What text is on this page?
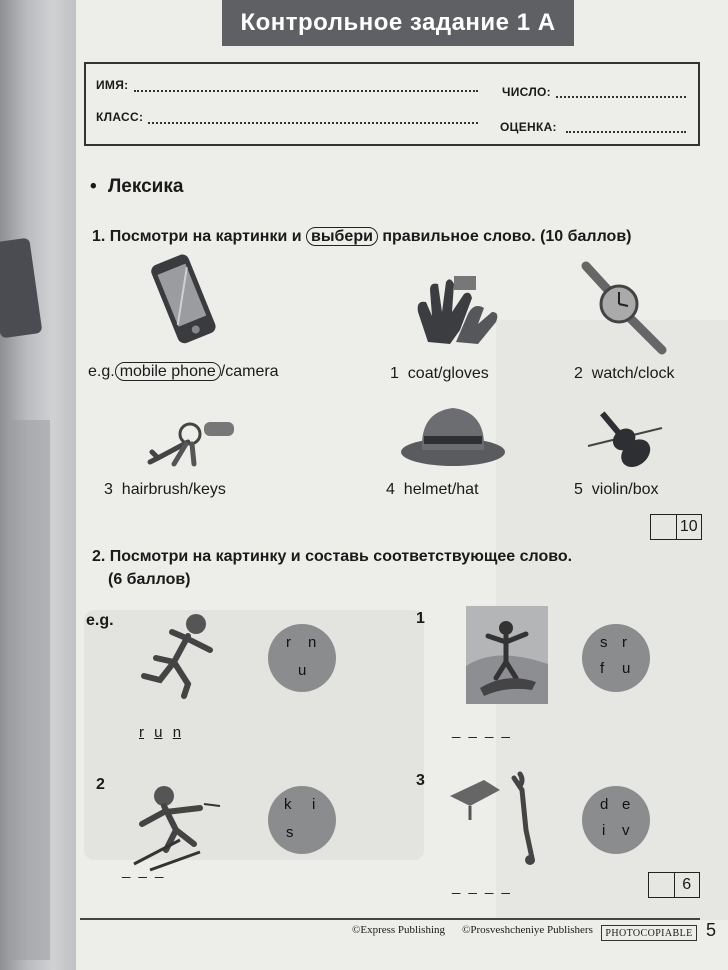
Контрольное задание 1 А
ИМЯ:	ЧИСЛО:
КЛАСС:
ОЦЕНКА:
• Лексика
1. Посмотри на картинки и выбери правильное слово. (10 баллов)
e.g. mobile phone /camera	1 coat/gloves	2 watch/clock
3 hairbrush/keys	4 helmet/hat	5 violin/box
10
2. Посмотри на картинку и составь соответствующее слово.
(6 баллов)
e.g.
r n
u
r u n
1
s r
f u
_ _ _ _
2
k i
s
_ _ _
3
d e
i v
_ _ _ _	6
©Express Publishing ©Prosveshcheniye Publishers	PHOTOCOPIABLE 5
